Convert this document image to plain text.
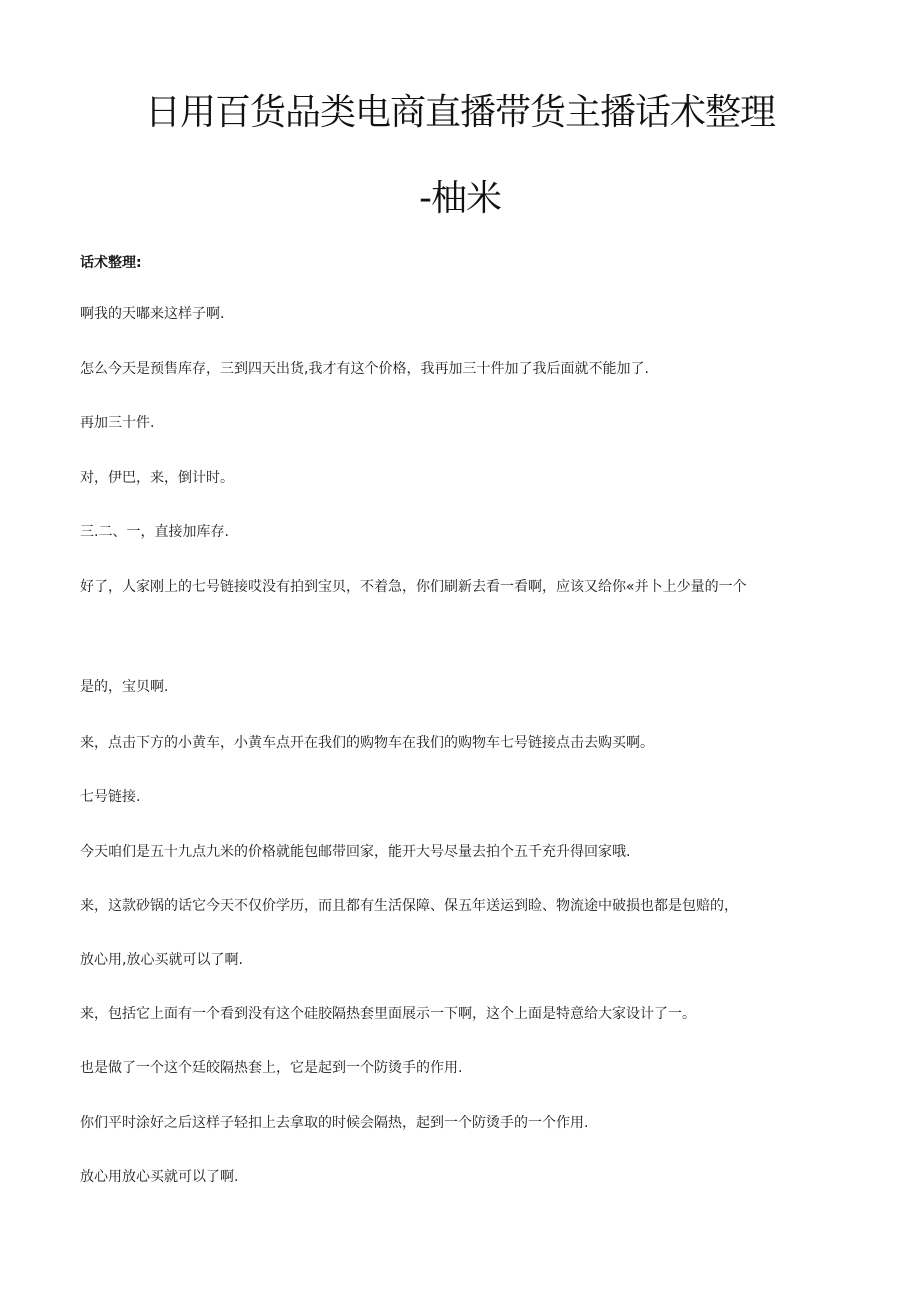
日用百货品类电商直播带货主播话术整理
-柚米

话术整理:

啊我的天嘟来这样子啊.

怎么今天是预售库存，三到四天出货,我才有这个价格，我再加三十件加了我后面就不能加了.

再加三十件.

对，伊巴，来，倒计时。

三.二、一，直接加库存.

好了，人家刚上的七号链接哎没有拍到宝贝，不着急，你们刷新去看一看啊，应该又给你«并卜上少量的一个

是的，宝贝啊.

来，点击下方的小黄车，小黄车点开在我们的购物车在我们的购物车七号链接点击去购买啊。

七号链接.

今天咱们是五十九点九米的价格就能包邮带回家，能开大号尽量去拍个五千充升得回家哦.

来，这款砂锅的话它今天不仅价学历，而且都有生活保障、保五年送运到睑、物流途中破损也都是包赔的，

放心用,放心买就可以了啊.

来，包括它上面有一个看到没有这个硅胶隔热套里面展示一下啊，这个上面是特意给大家设计了一。

也是做了一个这个廷皎隔热套上，它是起到一个防烫手的作用.

你们平时涂好之后这样子轻扣上去拿取的时候会隔热，起到一个防烫手的一个作用.

放心用放心买就可以了啊.
